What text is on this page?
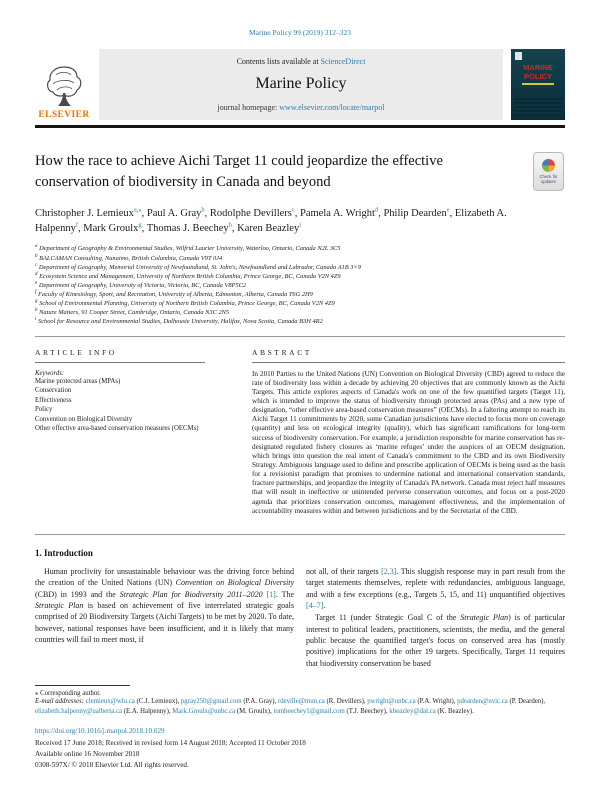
Marine Policy 99 (2019) 312–323
ELSEVIER
Contents lists available at ScienceDirect
Marine Policy
journal homepage: www.elsevier.com/locate/marpol
MARINE
POLICY
How the race to achieve Aichi Target 11 could jeopardize the effective conservation of biodiversity in Canada and beyond	Check for updates
Christopher J. Lemieux$^{a,⁎}$, Paul A. Gray$^b$, Rodolphe Devillers$^c$, Pamela A. Wright$^d$, Philip Dearden$^e$, Elizabeth A. Halpenny$^f$, Mark Groulx$^g$, Thomas J. Beechey$^h$, Karen Beazley$^i$
$^a$ Department of Geography & Environmental Studies, Wilfrid Laurier University, Waterloo, Ontario, Canada N2L 3C5
$^b$ BALCAMAN Consulting, Nanaimo, British Columbia, Canada V9T 0J4
$^c$ Department of Geography, Memorial University of Newfoundland, St. John's, Newfoundland and Labrador, Canada A1B 3×9
$^d$ Ecosystem Science and Management, University of Northern British Columbia, Prince George, BC, Canada V2N 4Z9
$^e$ Department of Geography, University of Victoria, Victoria, BC, Canada V8P5C2
$^f$ Faculty of Kinesiology, Sport, and Recreation, University of Alberta, Edmonton, Alberta, Canada T6G 2H9
$^g$ School of Environmental Planning, University of Northern British Columbia, Prince George, BC, Canada V2N 4Z9
$^h$ Nature Matters, 91 Cooper Street, Cambridge, Ontario, Canada N3C 2N5
$^i$ School for Resource and Environmental Studies, Dalhousie University, Halifax, Nova Scotia, Canada B3H 4R2
ARTICLE INFO
Keywords:
Marine protected areas (MPAs)
Conservation
Effectiveness
Policy
Convention on Biological Diversity
Other effective area-based conservation measures (OECMs)
ABSTRACT

In 2010 Parties to the United Nations (UN) Convention on Biological Diversity (CBD) agreed to reduce the rate of biodiversity loss within a decade by achieving 20 objectives that are commonly known as the Aichi Targets. This article explores aspects of Canada's work on one of the few quantified targets (Target 11), which is intended to improve the status of biodiversity through protected areas (PAs) and a new type of designation, “other effective area-based conservation measures” (OECMs). In a faltering attempt to reach its Aichi Target 11 commitments by 2020, some Canadian jurisdictions have elected to focus more on coverage (quantity) and less on ecological integrity (quality), which has significant ramifications for long-term success of biodiversity conservation. For example, a jurisdiction responsible for marine conservation has re-designated regulated fishery closures as ‘marine refuges’ under the auspices of an OECM designation, which brings into question the real intent of Canada's commitment to the CBD and its own Biodiversity Strategy. Ambiguous language used to define and prescribe application of OECMs is being used as the basis for a revisionist paradigm that promises to undermine national and international conservation standards, fracture partnerships, and jeopardize the integrity of Canada's PA network. Canada must reject half measures that will result in ineffective or unintended perverse conservation outcomes, and focus on a post-2020 agenda that prioritizes conservation outcomes, management effectiveness, and the implementation of accountability measures within and between jurisdictions and by the Secretariat of the CBD.

1. Introduction

Human proclivity for unsustainable behaviour was the driving force behind the creation of the United Nations (UN) Convention on Biological Diversity (CBD) in 1993 and the Strategic Plan for Biodiversity 2011–2020 [1]. The Strategic Plan is based on achievement of five interrelated strategic goals comprised of 20 Biodiversity Targets (Aichi Targets) to be met by 2020. To date, however, national responses have been insufficient, and it is likely that many countries will fail to meet most, if

not all, of their targets [2,3]. This sluggish response may in part result from the target statements themselves, replete with redundancies, ambiguous language, and with a few exceptions (e.g., Targets 5, 15, and 11) unquantified objectives [4–7].

Target 11 (under Strategic Goal C of the Strategic Plan) is of particular interest to political leaders, practitioners, scientists, the media, and the general public because the quantified target's focus on conserved area has (mostly positive) implications for the other 19 targets. Specifically, Target 11 requires that biodiversity conservation be based

⁎ Corresponding author.
E-mail addresses: clemieux@wlu.ca (C.J. Lemieux), pgray250@gmail.com (P.A. Gray), rdeville@mun.ca (R. Devillers), pwright@unbc.ca (P.A. Wright), pdearden@uvic.ca (P. Dearden), elizabeth.halpenny@ualberta.ca (E.A. Halpenny), Mark.Groulx@unbc.ca (M. Groulx), tombeechey1@gmail.com (T.J. Beechey), kbeazley@dal.ca (K. Beazley).
https://doi.org/10.1016/j.marpol.2018.10.029
Received 17 June 2018; Received in revised form 14 August 2018; Accepted 11 October 2018
Available online 16 November 2018
0308-597X/ © 2018 Elsevier Ltd. All rights reserved.
